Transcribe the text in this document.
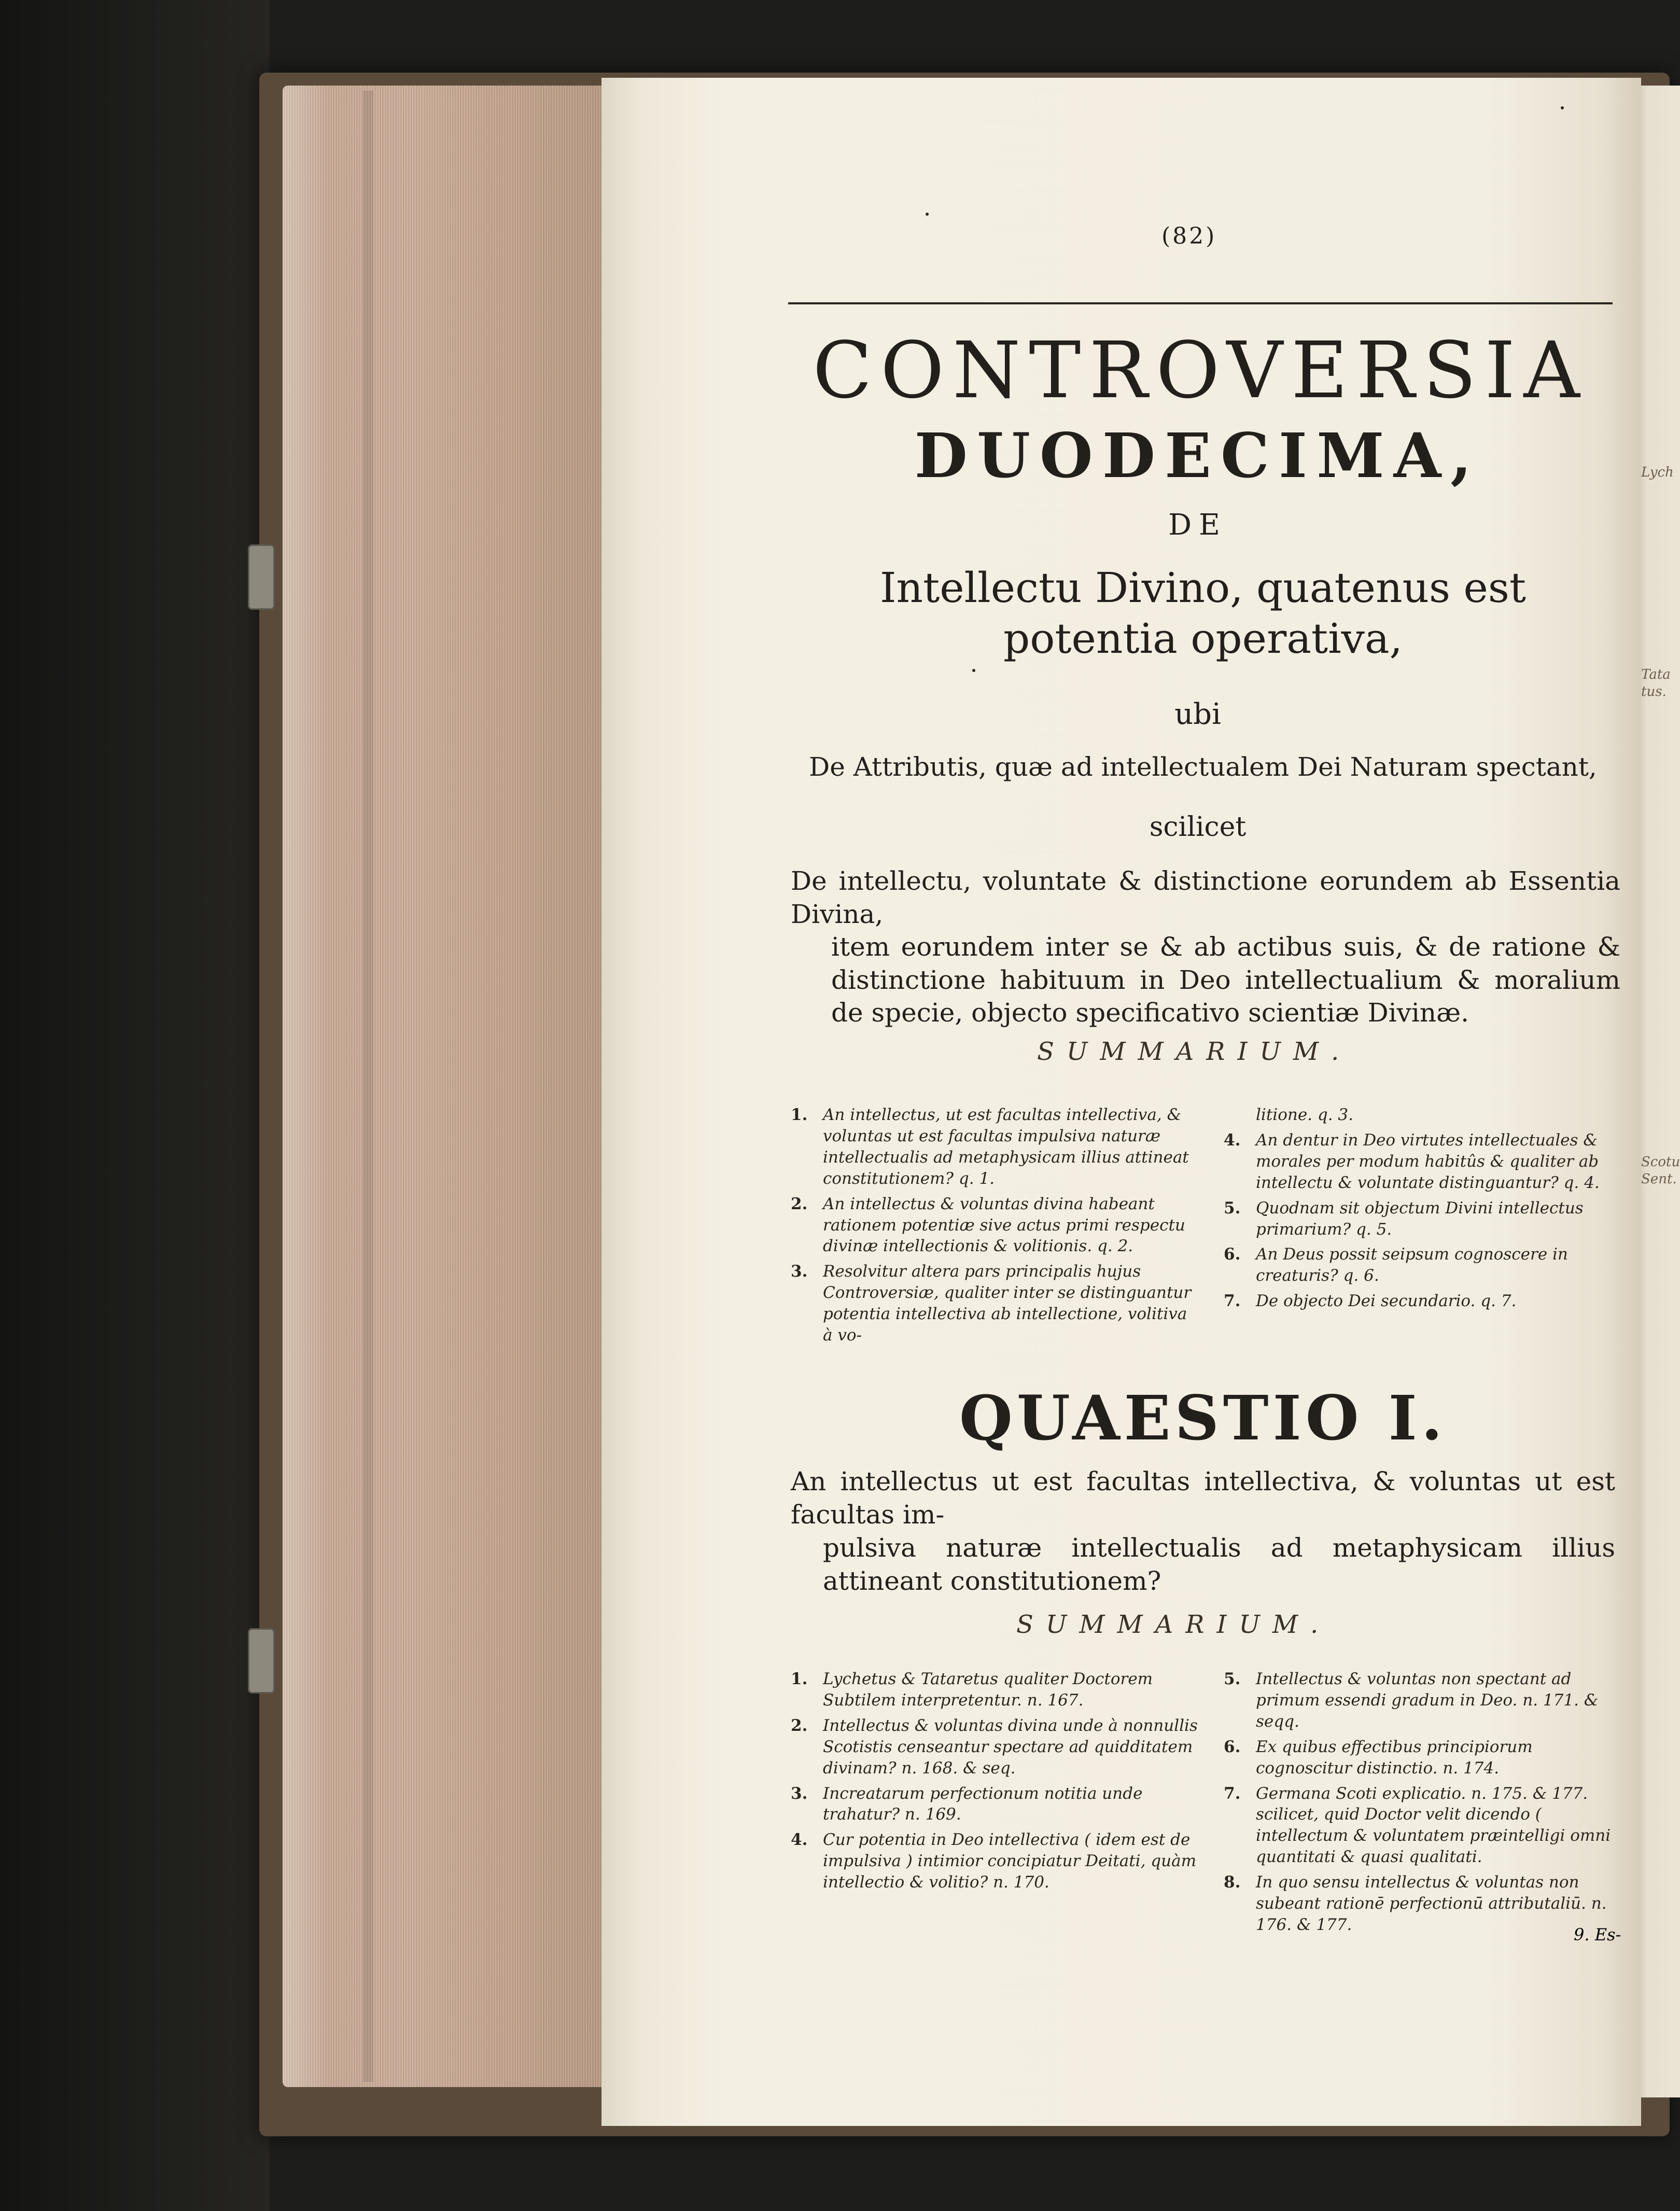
Lych
Tata tus.
Scotu Sent.
(82)
CONTROVERSIA
DUODECIMA,
DE
Intellectu Divino, quatenus est potentia operativa,
ubi
De Attributis, quæ ad intellectualem Dei Naturam spectant,
scilicet
De intellectu, voluntate & distinctione eorundem ab Essentia Divina,
item eorundem inter se & ab actibus suis, & de ratione & distinctione habituum in Deo intellectualium & moralium de specie, objecto specificativo scientiæ Divinæ.
SUMMARIUM.
1. An intellectus, ut est facultas intellectiva, & voluntas ut est facultas impulsiva naturæ intellectualis ad metaphysicam illius attineat constitutionem? q. 1.
2. An intellectus & voluntas divina habeant rationem potentiæ sive actus primi respectu divinæ intellectionis & volitionis. q. 2.
3. Resolvitur altera pars principalis hujus Controversiæ, qualiter inter se distinguantur potentia intellectiva ab intellectione, volitiva à vo-
litione. q. 3.
4. An dentur in Deo virtutes intellectuales & morales per modum habitûs & qualiter ab intellectu & voluntate distinguantur? q. 4.
5. Quodnam sit objectum Divini intellectus primarium? q. 5.
6. An Deus possit seipsum cognoscere in creaturis? q. 6.
7. De objecto Dei secundario. q. 7.
QUAESTIO I.
An intellectus ut est facultas intellectiva, & voluntas ut est facultas im-
pulsiva naturæ intellectualis ad metaphysicam illius attineant constitutionem?
SUMMARIUM.
1. Lychetus & Tataretus qualiter Doctorem Subtilem interpretentur. n. 167.
2. Intellectus & voluntas divina unde à nonnullis Scotistis censeantur spectare ad quidditatem divinam? n. 168. & seq.
3. Increatarum perfectionum notitia unde trahatur? n. 169.
4. Cur potentia in Deo intellectiva ( idem est de impulsiva ) intimior concipiatur Deitati, quàm intellectio & volitio? n. 170.
5. Intellectus & voluntas non spectant ad primum essendi gradum in Deo. n. 171. & seqq.
6. Ex quibus effectibus principiorum cognoscitur distinctio. n. 174.
7. Germana Scoti explicatio. n. 175. & 177. scilicet, quid Doctor velit dicendo ( intellectum & voluntatem præintelligi omni quantitati & quasi qualitati.
8. In quo sensu intellectus & voluntas non subeant rationē perfectionū attributaliū. n. 176. & 177.
9. Es-
